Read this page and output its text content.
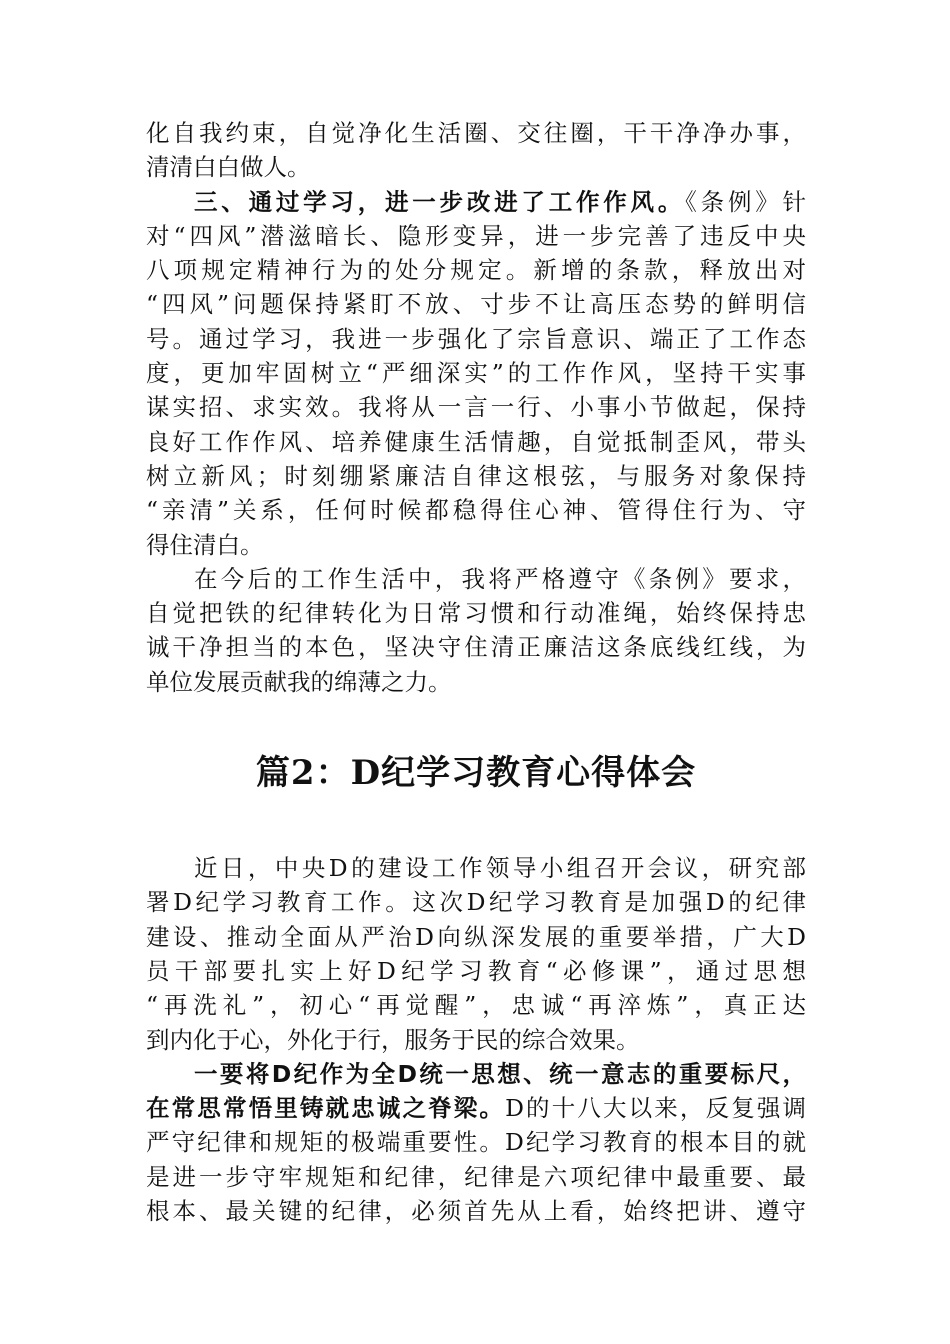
化自我约束，自觉净化生活圈、交往圈，干干净净办事，
清清白白做人。
三、通过学习，进一步改进了工作作风。《条例》针
对“四风”潜滋暗长、隐形变异，进一步完善了违反中央
八项规定精神行为的处分规定。新增的条款，释放出对
“四风”问题保持紧盯不放、寸步不让高压态势的鲜明信
号。通过学习，我进一步强化了宗旨意识、端正了工作态
度，更加牢固树立“严细深实”的工作作风，坚持干实事
谋实招、求实效。我将从一言一行、小事小节做起，保持
良好工作作风、培养健康生活情趣，自觉抵制歪风，带头
树立新风；时刻绷紧廉洁自律这根弦，与服务对象保持
“亲清”关系，任何时候都稳得住心神、管得住行为、守
得住清白。
在今后的工作生活中，我将严格遵守《条例》要求，
自觉把铁的纪律转化为日常习惯和行动准绳，始终保持忠
诚干净担当的本色，坚决守住清正廉洁这条底线红线，为
单位发展贡献我的绵薄之力。
篇2：D纪学习教育心得体会
近日，中央D的建设工作领导小组召开会议，研究部
署D纪学习教育工作。这次D纪学习教育是加强D的纪律
建设、推动全面从严治D向纵深发展的重要举措，广大D
员干部要扎实上好D纪学习教育“必修课”，通过思想
“再洗礼”，初心“再觉醒”，忠诚“再淬炼”，真正达
到内化于心，外化于行，服务于民的综合效果。
一要将D纪作为全D统一思想、统一意志的重要标尺，
在常思常悟里铸就忠诚之脊梁。D的十八大以来，反复强调
严守纪律和规矩的极端重要性。D纪学习教育的根本目的就
是进一步守牢规矩和纪律，纪律是六项纪律中最重要、最
根本、最关键的纪律，必须首先从上看，始终把讲、遵守
